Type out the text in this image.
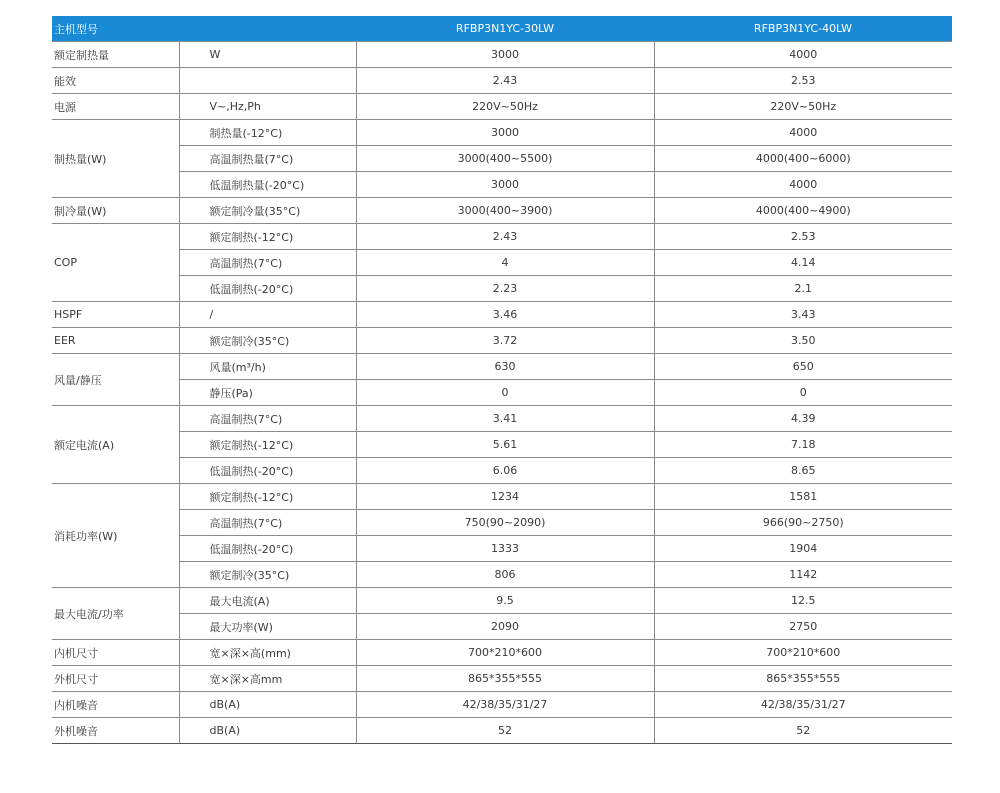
主机型号		RFBP3N1YC-30LW	RFBP3N1YC-40LW
额定制热量	W	3000	4000
能效		2.43	2.53
电源	V~,Hz,Ph	220V~50Hz	220V~50Hz
制热量(W)	制热量(-12°C)	3000	4000
	高温制热量(7°C)	3000(400~5500)	4000(400~6000)
	低温制热量(-20°C)	3000	4000
制冷量(W)	额定制冷量(35°C)	3000(400~3900)	4000(400~4900)
COP	额定制热(-12°C)	2.43	2.53
	高温制热(7°C)	4	4.14
	低温制热(-20°C)	2.23	2.1
HSPF	/	3.46	3.43
EER	额定制冷(35°C)	3.72	3.50
风量/静压	风量(m³/h)	630	650
	静压(Pa)	0	0
额定电流(A)	高温制热(7°C)	3.41	4.39
	额定制热(-12°C)	5.61	7.18
	低温制热(-20°C)	6.06	8.65
消耗功率(W)	额定制热(-12°C)	1234	1581
	高温制热(7°C)	750(90~2090)	966(90~2750)
	低温制热(-20°C)	1333	1904
	额定制冷(35°C)	806	1142
最大电流/功率	最大电流(A)	9.5	12.5
	最大功率(W)	2090	2750
内机尺寸	宽×深×高(mm)	700*210*600	700*210*600
外机尺寸	宽×深×高mm	865*355*555	865*355*555
内机噪音	dB(A)	42/38/35/31/27	42/38/35/31/27
外机噪音	dB(A)	52	52
